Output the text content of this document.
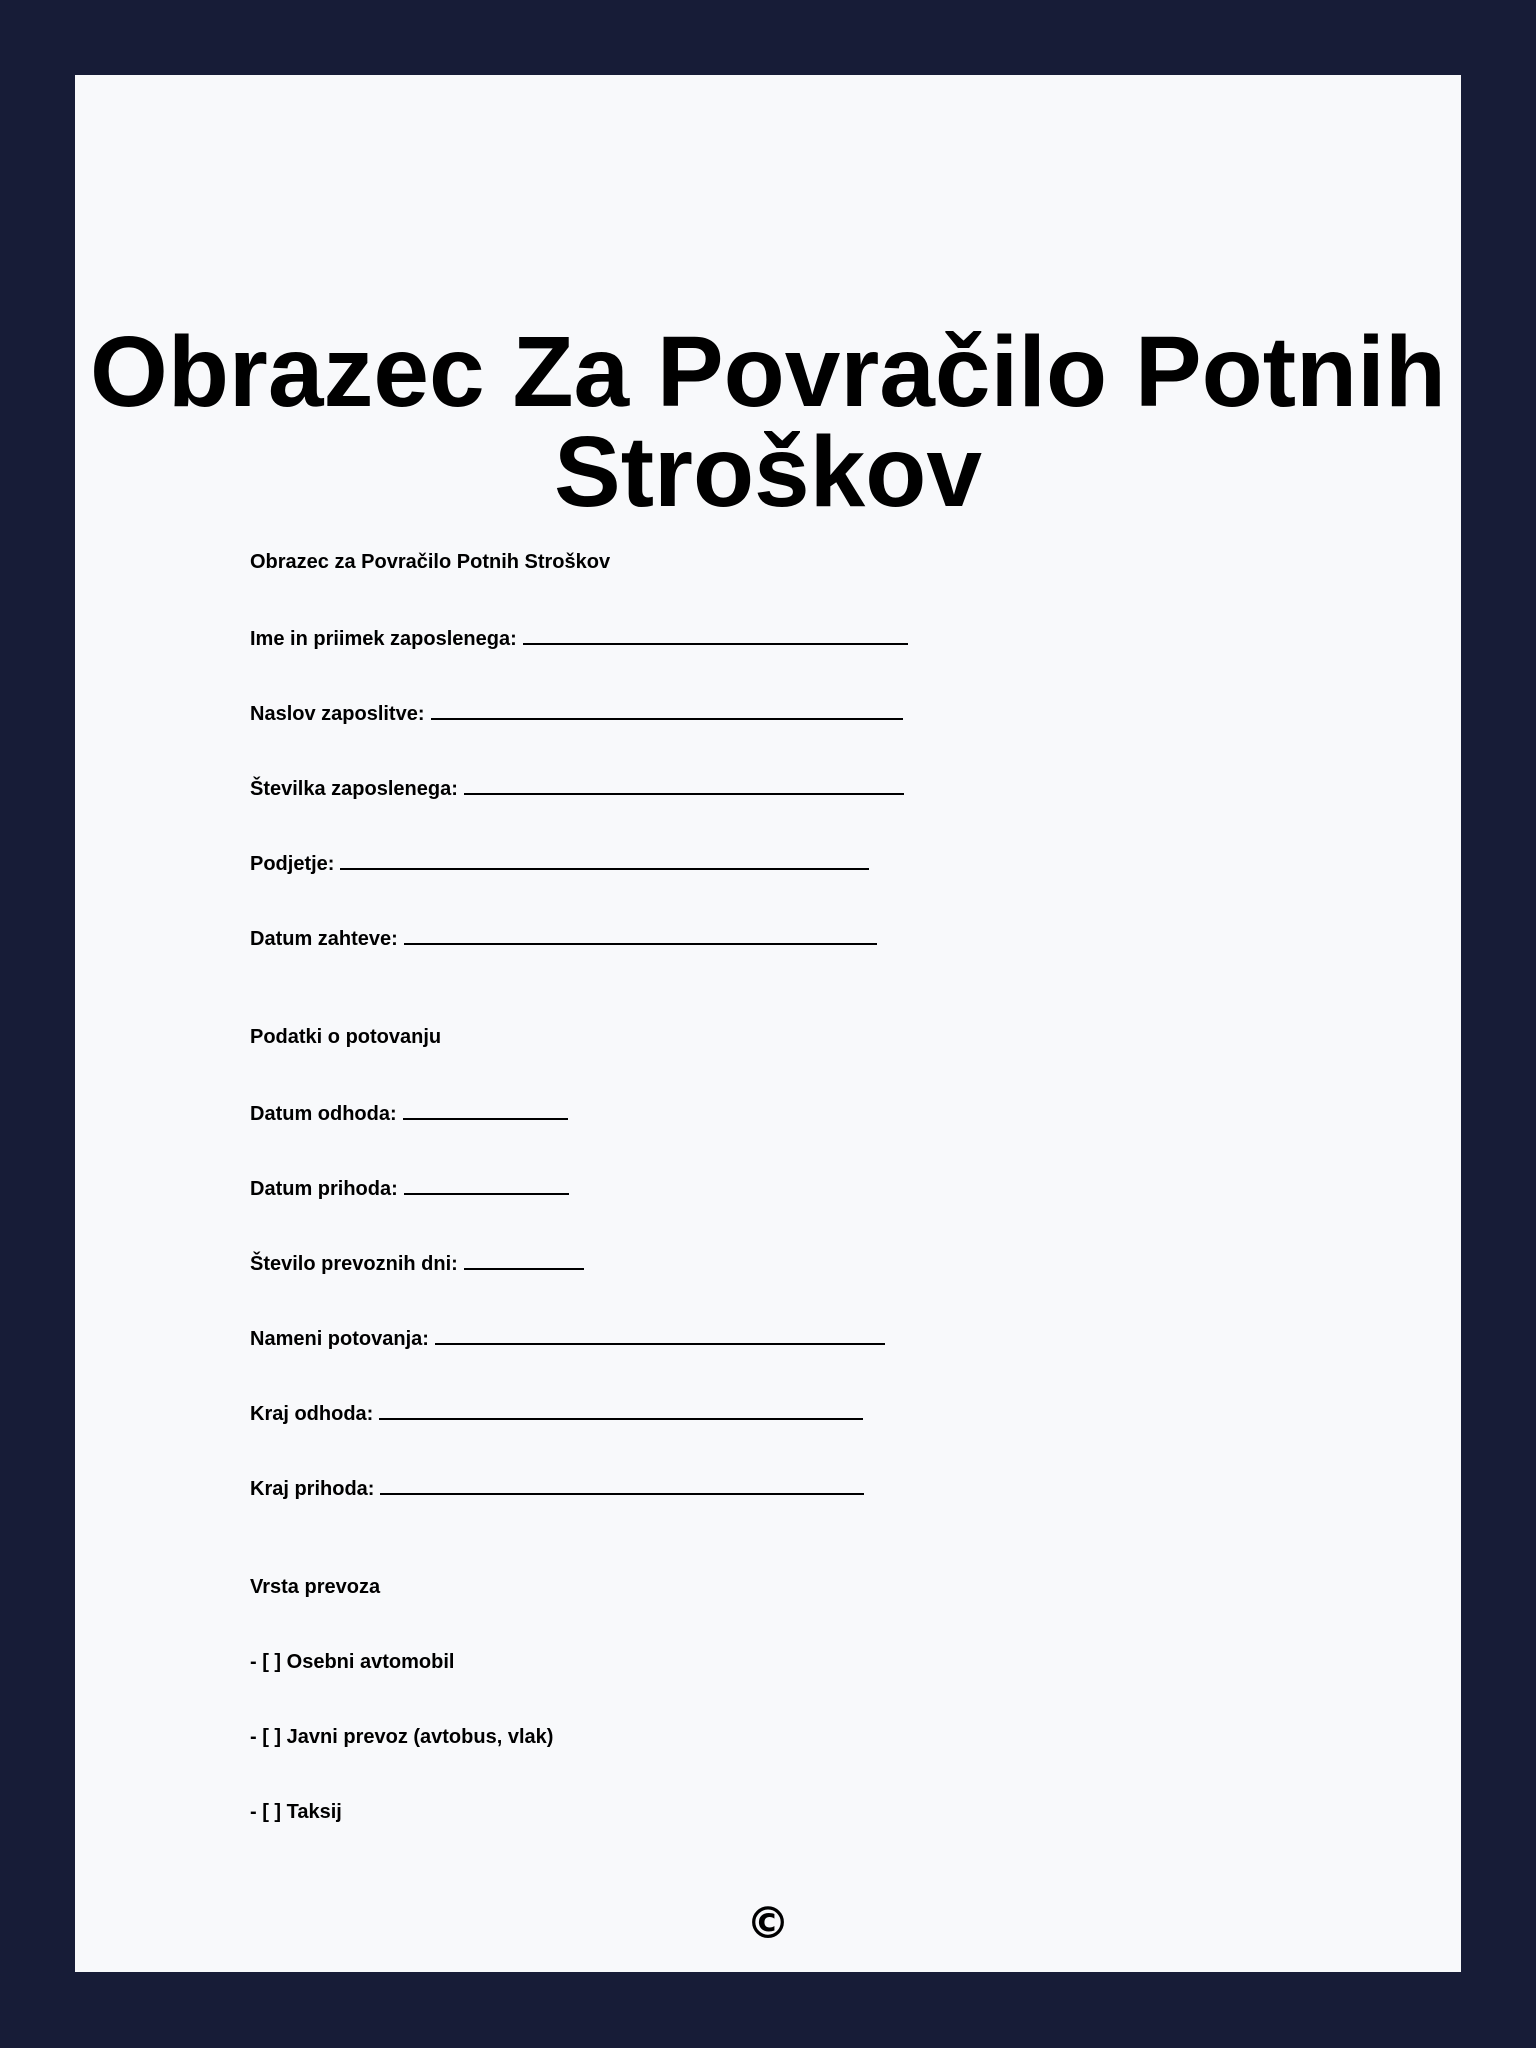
Obrazec Za Povračilo Potnih
Stroškov
Obrazec za Povračilo Potnih Stroškov
Ime in priimek zaposlenega:
Naslov zaposlitve:
Številka zaposlenega:
Podjetje:
Datum zahteve:
Podatki o potovanju
Datum odhoda:
Datum prihoda:
Število prevoznih dni:
Nameni potovanja:
Kraj odhoda:
Kraj prihoda:
Vrsta prevoza
- [ ] Osebni avtomobil
- [ ] Javni prevoz (avtobus, vlak)
- [ ] Taksij
©
